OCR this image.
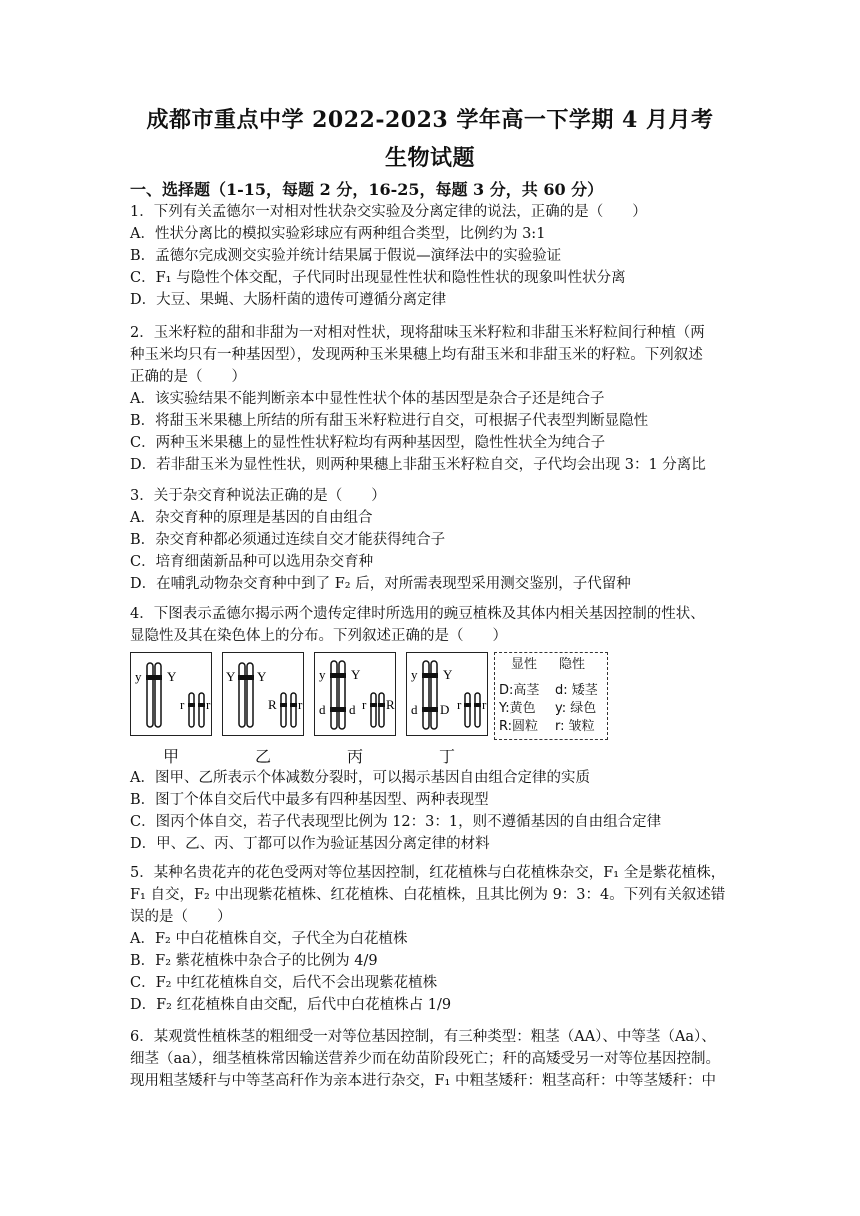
成都市重点中学 2022-2023 学年高一下学期 4 月月考
生物试题
一、选择题（1-15，每题 2 分，16-25，每题 3 分，共 60 分）
1．下列有关孟德尔一对相对性状杂交实验及分离定律的说法，正确的是（　　）
A．性状分离比的模拟实验彩球应有两种组合类型，比例约为 3:1
B．孟德尔完成测交实验并统计结果属于假说—演绎法中的实验验证
C．F₁ 与隐性个体交配，子代同时出现显性性状和隐性性状的现象叫性状分离
D．大豆、果蝇、大肠杆菌的遗传可遵循分离定律
2．玉米籽粒的甜和非甜为一对相对性状，现将甜味玉米籽粒和非甜玉米籽粒间行种植（两
种玉米均只有一种基因型），发现两种玉米果穗上均有甜玉米和非甜玉米的籽粒。下列叙述
正确的是（　　）
A．该实验结果不能判断亲本中显性性状个体的基因型是杂合子还是纯合子
B．将甜玉米果穗上所结的所有甜玉米籽粒进行自交，可根据子代表型判断显隐性
C．两种玉米果穗上的显性性状籽粒均有两种基因型，隐性性状全为纯合子
D．若非甜玉米为显性性状，则两种果穗上非甜玉米籽粒自交，子代均会出现 3：1 分离比
3．关于杂交育种说法正确的是（　　）
A．杂交育种的原理是基因的自由组合
B．杂交育种都必须通过连续自交才能获得纯合子
C．培育细菌新品种可以选用杂交育种
D．在哺乳动物杂交育种中到了 F₂ 后，对所需表现型采用测交鉴别，子代留种
4．下图表示孟德尔揭示两个遗传定律时所选用的豌豆植株及其体内相关基因控制的性状、
显隐性及其在染色体上的分布。下列叙述正确的是（　　）
y Y
r r
甲
Y Y
R r
乙
y Y
d d r R
丙
y Y
D
d	r r
丁
显性 隐性
D:高茎 d: 矮茎
Y:黄色 y: 绿色
R:圆粒 r: 皱粒
A．图甲、乙所表示个体减数分裂时，可以揭示基因自由组合定律的实质
B．图丁个体自交后代中最多有四种基因型、两种表现型
C．图丙个体自交，若子代表现型比例为 12：3：1，则不遵循基因的自由组合定律
D．甲、乙、丙、丁都可以作为验证基因分离定律的材料
5．某种名贵花卉的花色受两对等位基因控制，红花植株与白花植株杂交，F₁ 全是紫花植株，
F₁ 自交，F₂ 中出现紫花植株、红花植株、白花植株，且其比例为 9：3：4。下列有关叙述错
误的是（　　）
A．F₂ 中白花植株自交，子代全为白花植株
B．F₂ 紫花植株中杂合子的比例为 4/9
C．F₂ 中红花植株自交，后代不会出现紫花植株
D．F₂ 红花植株自由交配，后代中白花植株占 1/9
6．某观赏性植株茎的粗细受一对等位基因控制，有三种类型：粗茎（AA）、中等茎（Aa）、
细茎（aa），细茎植株常因输送营养少而在幼苗阶段死亡；秆的高矮受另一对等位基因控制。
现用粗茎矮秆与中等茎高秆作为亲本进行杂交，F₁ 中粗茎矮秆：粗茎高秆：中等茎矮秆：中
